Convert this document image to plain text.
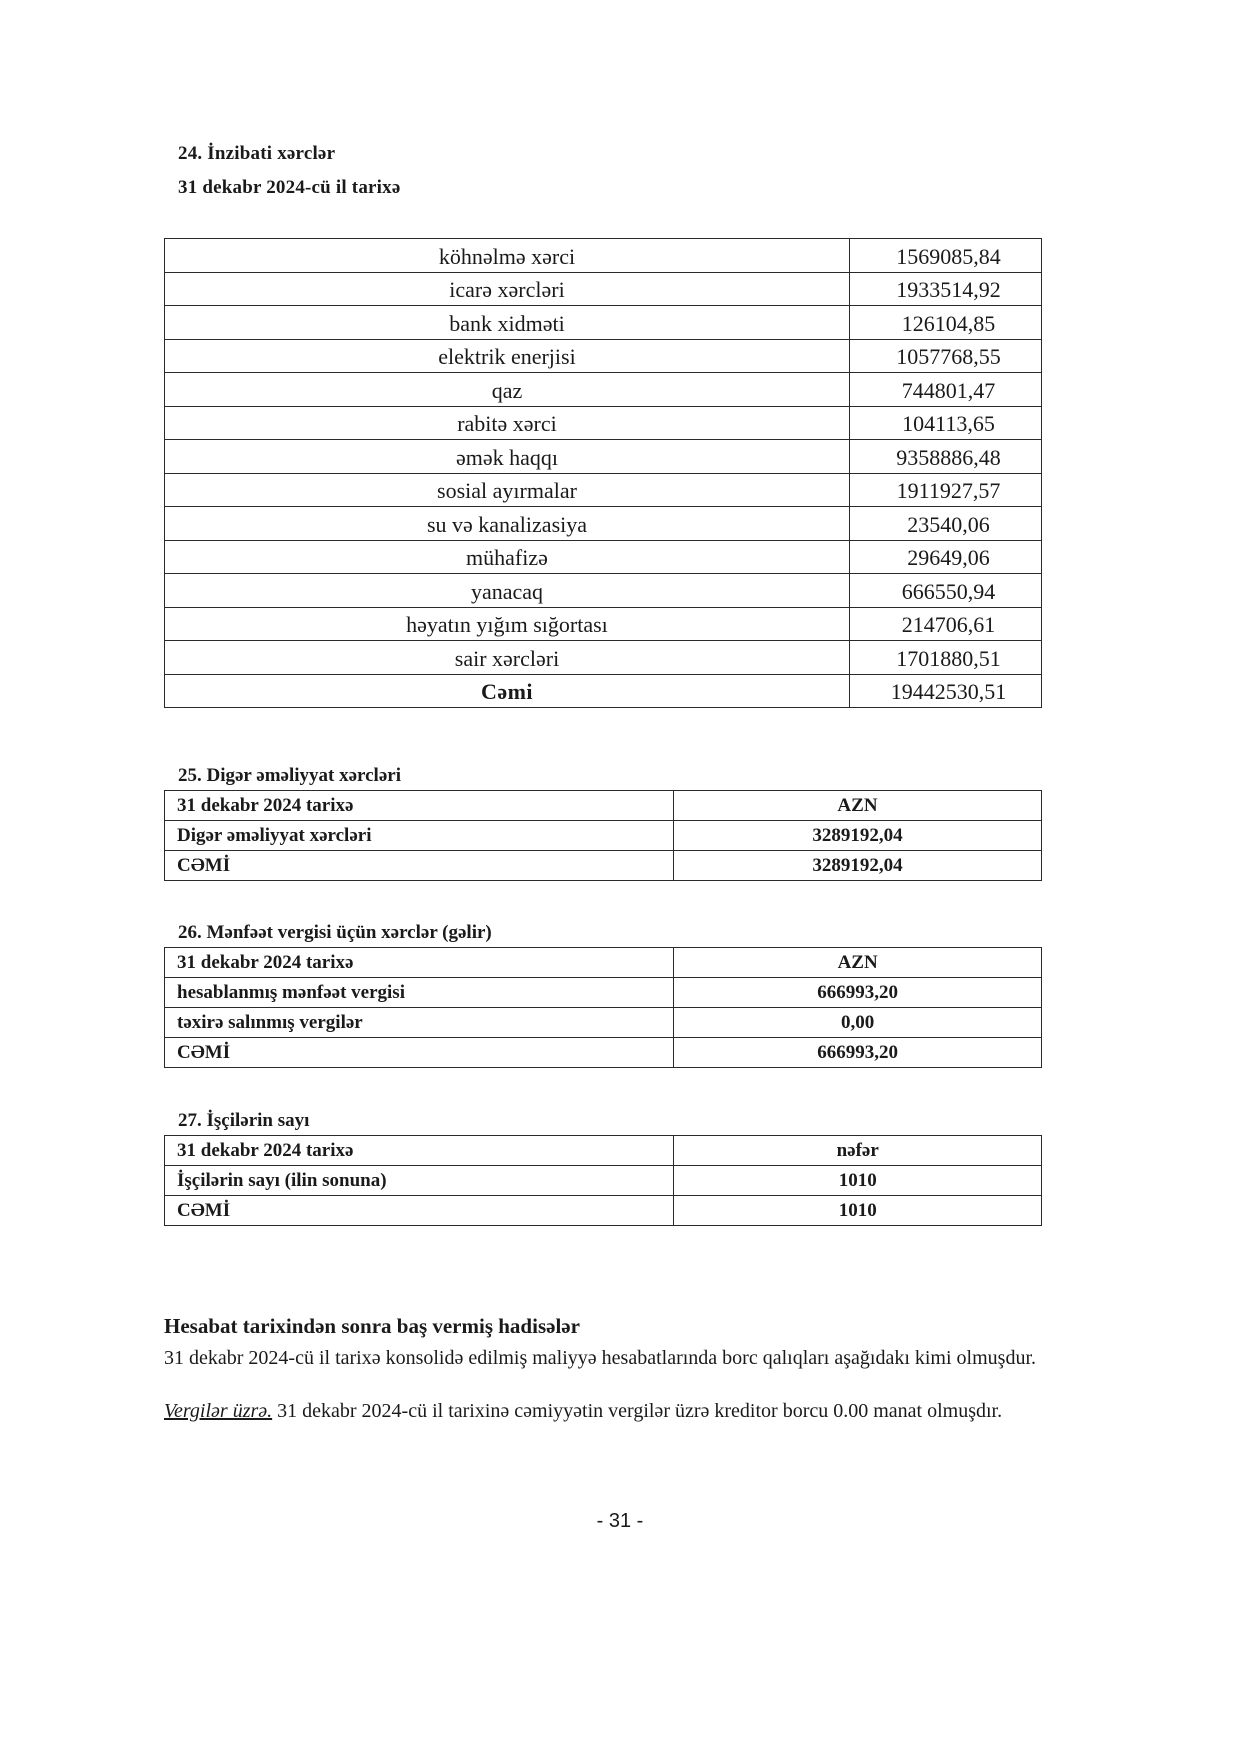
24. İnzibati xərclər
31 dekabr 2024-cü il tarixə
köhnəlmə xərci	1569085,84
icarə xərcləri	1933514,92
bank xidməti	126104,85
elektrik enerjisi	1057768,55
qaz	744801,47
rabitə xərci	104113,65
əmək haqqı	9358886,48
sosial ayırmalar	1911927,57
su və kanalizasiya	23540,06
mühafizə	29649,06
yanacaq	666550,94
həyatın yığım sığortası	214706,61
sair xərcləri	1701880,51
Cəmi	19442530,51
25. Digər əməliyyat xərcləri
31 dekabr 2024 tarixə	AZN
Digər əməliyyat xərcləri	3289192,04
CƏMİ	3289192,04
26. Mənfəət vergisi üçün xərclər (gəlir)
31 dekabr 2024 tarixə	AZN
hesablanmış mənfəət vergisi	666993,20
təxirə salınmış vergilər	0,00
CƏMİ	666993,20
27. İşçilərin sayı
31 dekabr 2024 tarixə	nəfər
İşçilərin sayı (ilin sonuna)	1010
CƏMİ	1010
Hesabat tarixindən sonra baş vermiş hadisələr
31 dekabr 2024-cü il tarixə konsolidə edilmiş maliyyə hesabatlarında borc qalıqları aşağıdakı kimi olmuşdur.
Vergilər üzrə. 31 dekabr 2024-cü il tarixinə cəmiyyətin vergilər üzrə kreditor borcu 0.00 manat olmuşdır.
- 31 -
